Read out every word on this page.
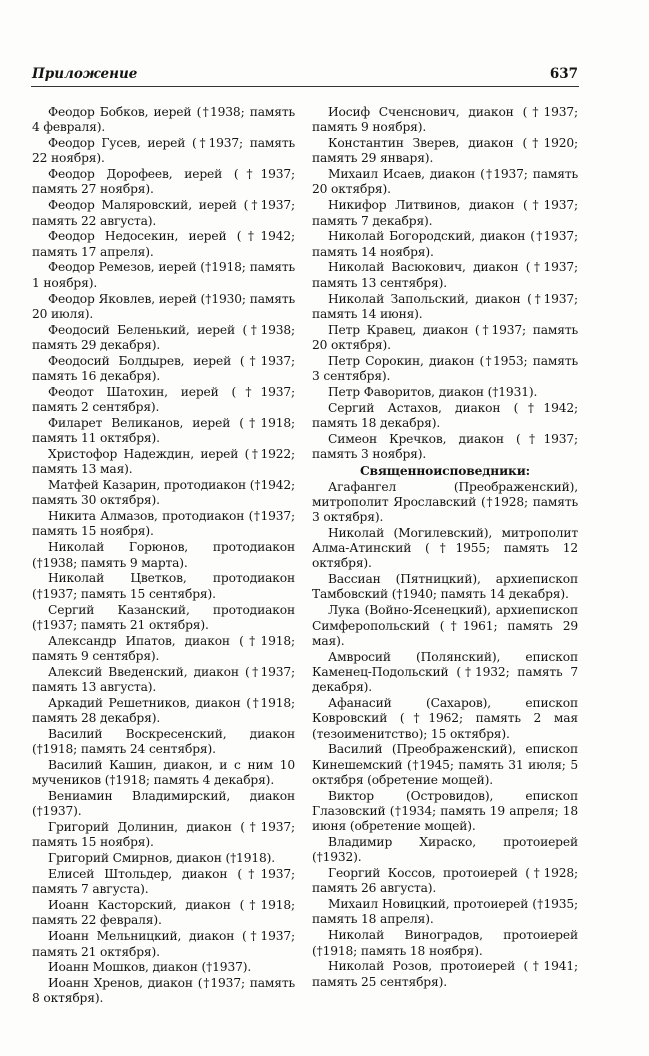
Приложение	637

Феодор Бобков, иерей (†1938; память 4 февраля).

Феодор Гусев, иерей (†1937; память 22 ноября).

Феодор Дорофеев, иерей (†1937; память 27 ноября).

Феодор Маляровский, иерей (†1937; память 22 августа).

Феодор Недосекин, иерей (†1942; память 17 апреля).

Феодор Ремезов, иерей (†1918; память 1 ноября).

Феодор Яковлев, иерей (†1930; память 20 июля).

Феодосий Беленький, иерей (†1938; память 29 декабря).

Феодосий Болдырев, иерей (†1937; память 16 декабря).

Феодот Шатохин, иерей (†1937; память 2 сентября).

Филарет Великанов, иерей (†1918; память 11 октября).

Христофор Надеждин, иерей (†1922; память 13 мая).

Матфей Казарин, протодиакон (†1942; память 30 октября).

Никита Алмазов, протодиакон (†1937; память 15 ноября).

Николай Горюнов, протодиакон (†1938; память 9 марта).

Николай Цветков, протодиакон (†1937; память 15 сентября).

Сергий Казанский, протодиакон (†1937; память 21 октября).

Александр Ипатов, диакон (†1918; память 9 сентября).

Алексий Введенский, диакон (†1937; память 13 августа).

Аркадий Решетников, диакон (†1918; память 28 декабря).

Василий Воскресенский, диакон (†1918; память 24 сентября).

Василий Кашин, диакон, и с ним 10 мучеников (†1918; память 4 декабря).

Вениамин Владимирский, диакон (†1937).

Григорий Долинин, диакон (†1937; память 15 ноября).

Григорий Смирнов, диакон (†1918).

Елисей Штольдер, диакон (†1937; память 7 августа).

Иоанн Касторский, диакон (†1918; память 22 февраля).

Иоанн Мельницкий, диакон (†1937; память 21 октября).

Иоанн Мошков, диакон (†1937).

Иоанн Хренов, диакон (†1937; память 8 октября).

Иосиф Сченснович, диакон (†1937; память 9 ноября).

Константин Зверев, диакон (†1920; память 29 января).

Михаил Исаев, диакон (†1937; память 20 октября).

Никифор Литвинов, диакон (†1937; память 7 декабря).

Николай Богородский, диакон (†1937; память 14 ноября).

Николай Васюкович, диакон (†1937; память 13 сентября).

Николай Запольский, диакон (†1937; память 14 июня).

Петр Кравец, диакон (†1937; память 20 октября).

Петр Сорокин, диакон (†1953; память 3 сентября).

Петр Фаворитов, диакон (†1931).

Сергий Астахов, диакон (†1942; память 18 декабря).

Симеон Кречков, диакон (†1937; память 3 ноября).

Священноисповедники:

Агафангел (Преображенский), митрополит Ярославский (†1928; память 3 октября).

Николай (Могилевский), митрополит Алма-Атинский (†1955; память 12 октября).

Вассиан (Пятницкий), архиепископ Тамбовский (†1940; память 14 декабря).

Лука (Войно-Ясенецкий), архиепископ Симферопольский (†1961; память 29 мая).

Амвросий (Полянский), епископ Каменец-Подольский (†1932; память 7 декабря).

Афанасий (Сахаров), епископ Ковровский (†1962; память 2 мая (тезоименитство); 15 октября).

Василий (Преображенский), епископ Кинешемский (†1945; память 31 июля; 5 октября (обретение мощей).

Виктор (Островидов), епископ Глазовский (†1934; память 19 апреля; 18 июня (обретение мощей).

Владимир Хираско, протоиерей (†1932).

Георгий Коссов, протоиерей (†1928; память 26 августа).

Михаил Новицкий, протоиерей (†1935; память 18 апреля).

Николай Виноградов, протоиерей (†1918; память 18 ноября).

Николай Розов, протоиерей (†1941; память 25 сентября).
